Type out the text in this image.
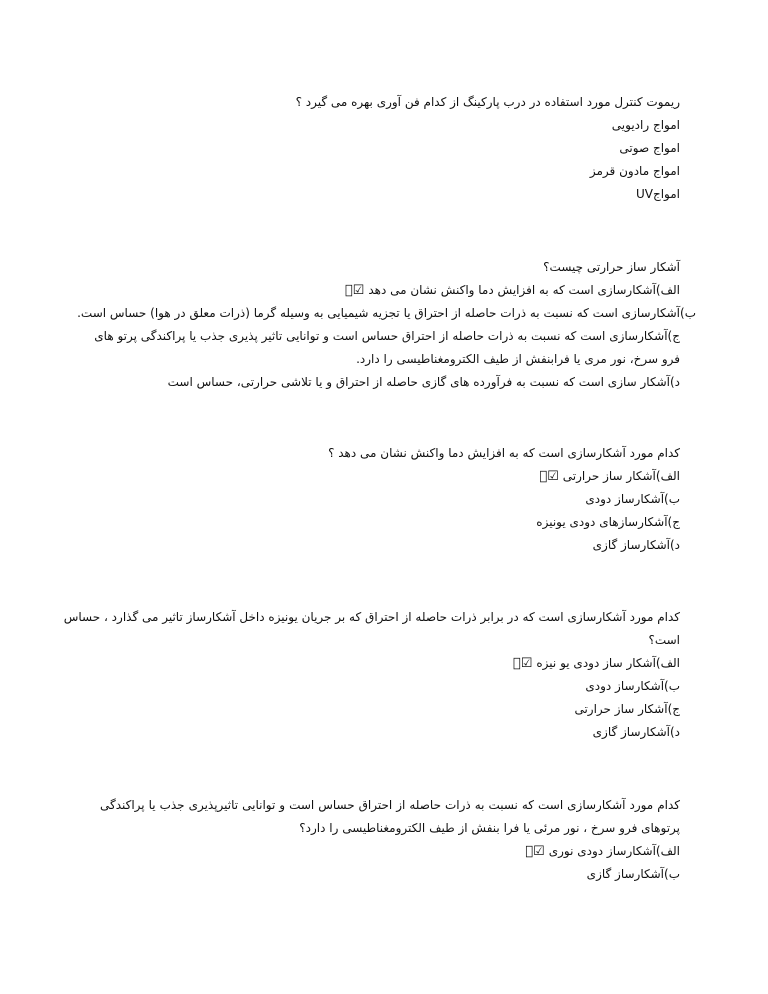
ریموت کنترل مورد استفاده در درب پارکینگ از کدام فن آوری بهره می گیرد ؟
امواج رادیویی
امواج صوتی
امواج مادون قرمز
امواجUV
آشکار ساز حرارتی چیست؟
الف)آشکارسازی است که به افزایش دما واکنش نشان می دهد☑ ⃞
ب)آشکارسازی است که نسبت به ذرات حاصله از احتراق یا تجزیه شیمیایی به وسیله گرما (ذرات معلق در هوا) حساس است.
ج)آشکارسازی است که نسبت به ذرات حاصله از احتراق حساس است و توانایی تاثیر پذیری جذب یا پراکندگی پرتو های فرو سرخ، نور مری یا فرابنفش از طیف الکترومغناطیسی را دارد.
د)آشکار سازی است که نسبت به فرآورده های گازی حاصله از احتراق و یا تلاشی حرارتی، حساس است
کدام مورد آشکارسازی است که به افزایش دما واکنش نشان می دهد ؟
الف)آشکار ساز حرارتی☑ ⃞
ب)آشکارساز دودی
ج)آشکارسازهای دودی یونیزه
د)آشکارساز گازی
کدام مورد آشکارسازی است که در برابر ذرات حاصله از احتراق که بر جریان یونیزه داخل آشکارساز تاثیر می گذارد ، حساس است؟
الف)آشکار ساز دودی یو نیزه☑ ⃞
ب)آشکارساز دودی
ج)آشکار ساز حرارتی
د)آشکارساز گازی
کدام مورد آشکارسازی است که نسبت به ذرات حاصله از احتراق حساس است و توانایی تاثیرپذیری جذب یا پراکندگی پرتوهای فرو سرخ ، نور مرئی یا فرا بنفش از طیف الکترومغناطیسی را دارد؟
الف)آشکارساز دودی نوری☑ ⃞
ب)آشکارساز گازی
